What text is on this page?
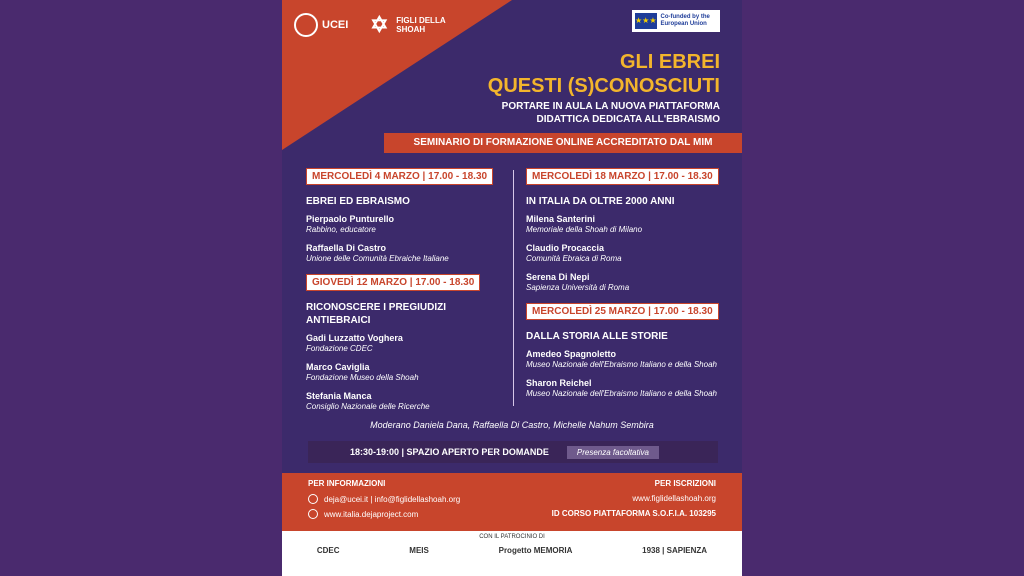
UCEI ✡ FIGLI DELLA SHOAH
★★★ Co-funded by the European Union
GLI EBREI
QUESTI (S)CONOSCIUTI
PORTARE IN AULA LA NUOVA PIATTAFORMA
DIDATTICA DEDICATA ALL'EBRAISMO
SEMINARIO DI FORMAZIONE ONLINE ACCREDITATO DAL MIM
MERCOLEDÌ 4 MARZO | 17.00 - 18.30
EBREI ED EBRAISMO
Pierpaolo Punturello
Rabbino, educatore
Raffaella Di Castro
Unione delle Comunità Ebraiche Italiane
GIOVEDÌ 12 MARZO | 17.00 - 18.30
RICONOSCERE I PREGIUDIZI ANTIEBRAICI
Gadi Luzzatto Voghera
Fondazione CDEC
Marco Caviglia
Fondazione Museo della Shoah
Stefania Manca
Consiglio Nazionale delle Ricerche
MERCOLEDÌ 18 MARZO | 17.00 - 18.30
IN ITALIA DA OLTRE 2000 ANNI
Milena Santerini
Memoriale della Shoah di Milano
Claudio Procaccia
Comunità Ebraica di Roma
Serena Di Nepi
Sapienza Università di Roma
MERCOLEDÌ 25 MARZO | 17.00 - 18.30
DALLA STORIA ALLE STORIE
Amedeo Spagnoletto
Museo Nazionale dell'Ebraismo Italiano e della Shoah
Sharon Reichel
Museo Nazionale dell'Ebraismo Italiano e della Shoah
Moderano Daniela Dana, Raffaella Di Castro, Michelle Nahum Sembira
18:30-19:00 | SPAZIO APERTO PER DOMANDE	Presenza facoltativa
PER INFORMAZIONI
deja@ucei.it | info@figlidellashoah.org
www.italia.dejaproject.com
PER ISCRIZIONI
www.figlidellashoah.org
ID CORSO PIATTAFORMA S.O.F.I.A. 103295
CON IL PATROCINIO DI
CDEC	MEIS	Progetto MEMORIA	1938 | SAPIENZA
